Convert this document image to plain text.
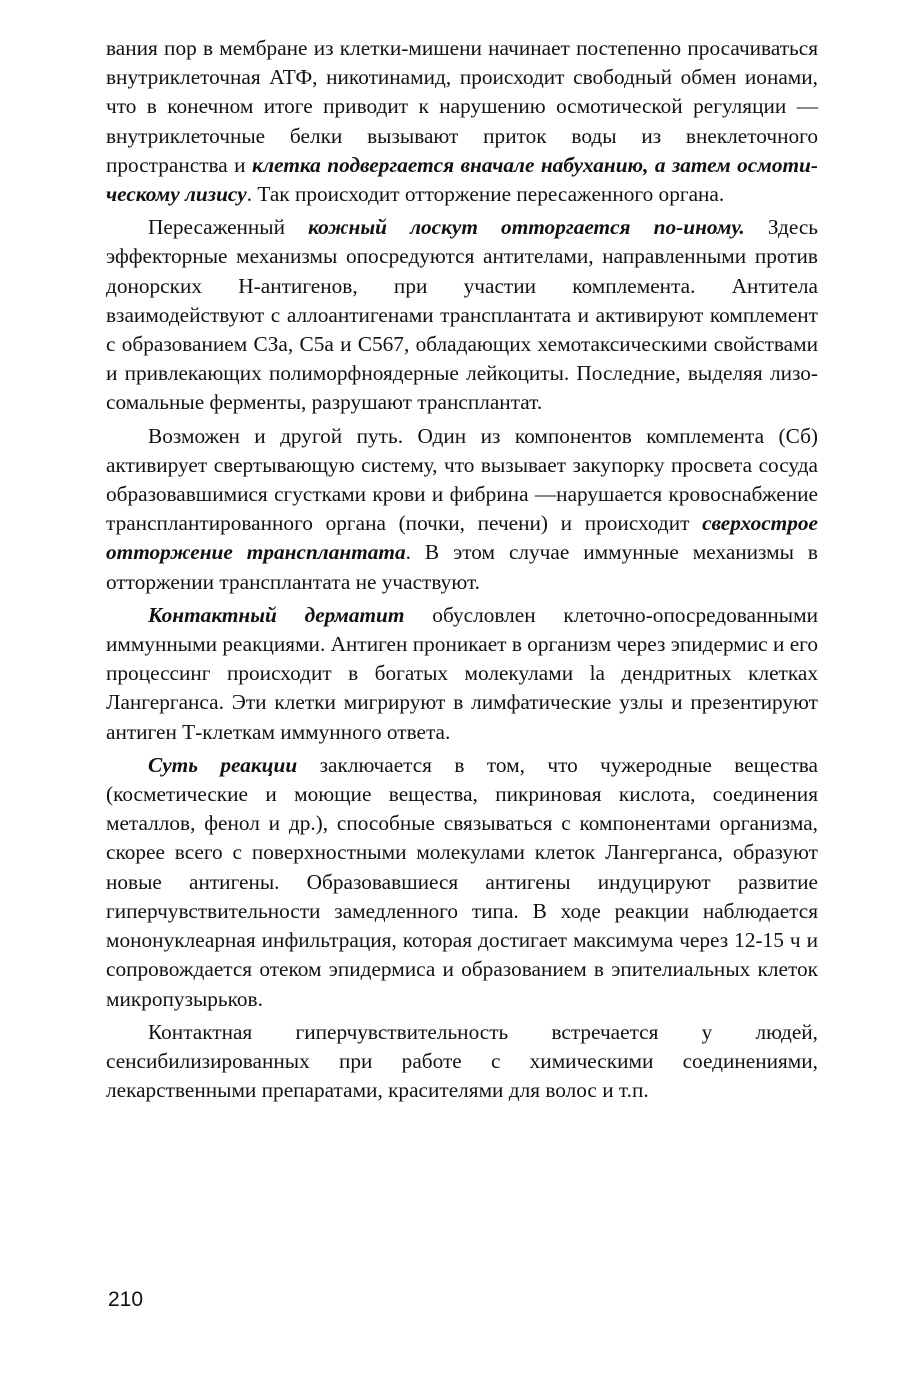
вания пор в мембране из клетки-мишени начинает постепенно просачиваться внутриклеточная АТФ, никотинамид, происходит свободный обмен ионами, что в конечном итоге приводит к нарушению осмотической регуляции — внутриклеточные белки вызывают приток воды из внеклеточного пространства и клетка подвергается вначале набуханию, а затем осмотическому лизису. Так происходит отторжение пересаженного органа.

Пересаженный кожный лоскут отторгается по-иному. Здесь эффекторные механизмы опосредуются антителами, направленными против донорских Н-антигенов, при участии комплемента. Антитела взаимодействуют с аллоантигенами трансплантата и активируют комплемент с образованием СЗа, С5а и С567, обладающих хемотаксическими свойствами и привлекающих полиморфноядерные лейкоциты. Последние, выделяя лизосомальные ферменты, разрушают трансплантат.

Возможен и другой путь. Один из компонентов комплемента (Сб) активирует свертывающую систему, что вызывает закупорку просвета сосуда образовавшимися сгустками крови и фибрина —нарушается кровоснабжение трансплантированного органа (почки, печени) и происходит сверхострое отторжение трансплантата. В этом случае иммунные механизмы в отторжении трансплантата не участвуют.

Контактный дерматит обусловлен клеточно-опосредованными иммунными реакциями. Антиген проникает в организм через эпидермис и его процессинг происходит в богатых молекулами la дендритных клетках Лангерганса. Эти клетки мигрируют в лимфатические узлы и презентируют антиген Т-клеткам иммунного ответа.

Суть реакции заключается в том, что чужеродные вещества (косметические и моющие вещества, пикриновая кислота, соединения металлов, фенол и др.), способные связываться с компонентами организма, скорее всего с поверхностными молекулами клеток Лангерганса, образуют новые антигены. Образовавшиеся антигены индуцируют развитие гиперчувствительности замедленного типа. В ходе реакции наблюдается мононуклеарная инфильтрация, которая достигает максимума через 12-15 ч и сопровождается отеком эпидермиса и образованием в эпителиальных клеток микропузырьков.

Контактная гиперчувствительность встречается у людей, сенсибилизированных при работе с химическими соединениями, лекарственными препаратами, красителями для волос и т.п.

210
